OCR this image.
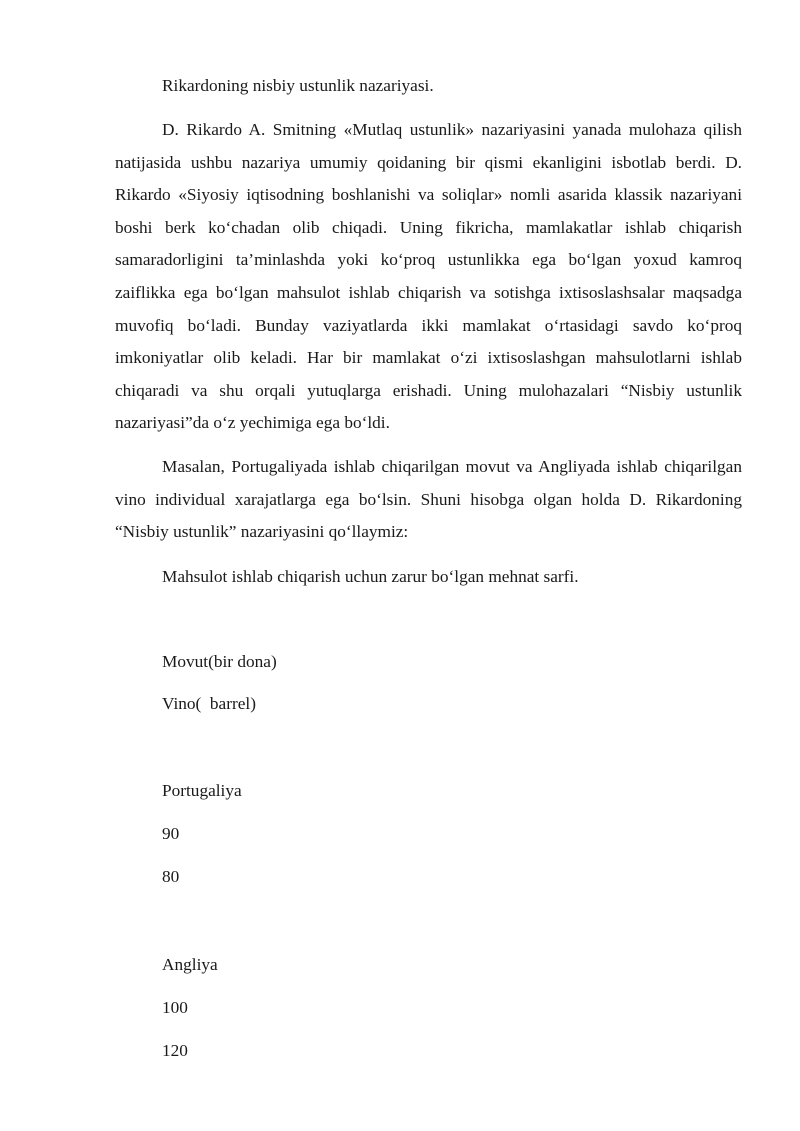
Rikardoning nisbiy ustunlik nazariyasi.
D. Rikardo A. Smitning «Mutlaq ustunlik» nazariyasini yanada mulohaza qilish natijasida ushbu nazariya umumiy qoidaning bir qismi ekanligini isbotlab berdi. D. Rikardo «Siyosiy iqtisodning boshlanishi va soliqlar» nomli asarida klassik nazariyani boshi berk koʻchadan olib chiqadi. Uning fikricha, mamlakatlar ishlab chiqarish samaradorligini ta’minlashda yoki koʻproq ustunlikka ega boʻlgan yoxud kamroq zaiflikka ega boʻlgan mahsulot ishlab chiqarish va sotishga ixtisoslashsalar maqsadga muvofiq boʻladi. Bunday vaziyatlarda ikki mamlakat oʻrtasidagi savdo koʻproq imkoniyatlar olib keladi. Har bir mamlakat oʻzi ixtisoslashgan mahsulotlarni ishlab chiqaradi va shu orqali yutuqlarga erishadi. Uning mulohazalari “Nisbiy ustunlik nazariyasi”da oʻz yechimiga ega boʻldi.
Masalan, Portugaliyada ishlab chiqarilgan movut va Angliyada ishlab chiqarilgan vino individual xarajatlarga ega boʻlsin. Shuni hisobga olgan holda D. Rikardoning “Nisbiy ustunlik” nazariyasini qoʻllaymiz:
Mahsulot ishlab chiqarish uchun zarur boʻlgan mehnat sarfi.
Movut(bir dona)
Vino(  barrel)
Portugaliya
90
80
Angliya
100
120
